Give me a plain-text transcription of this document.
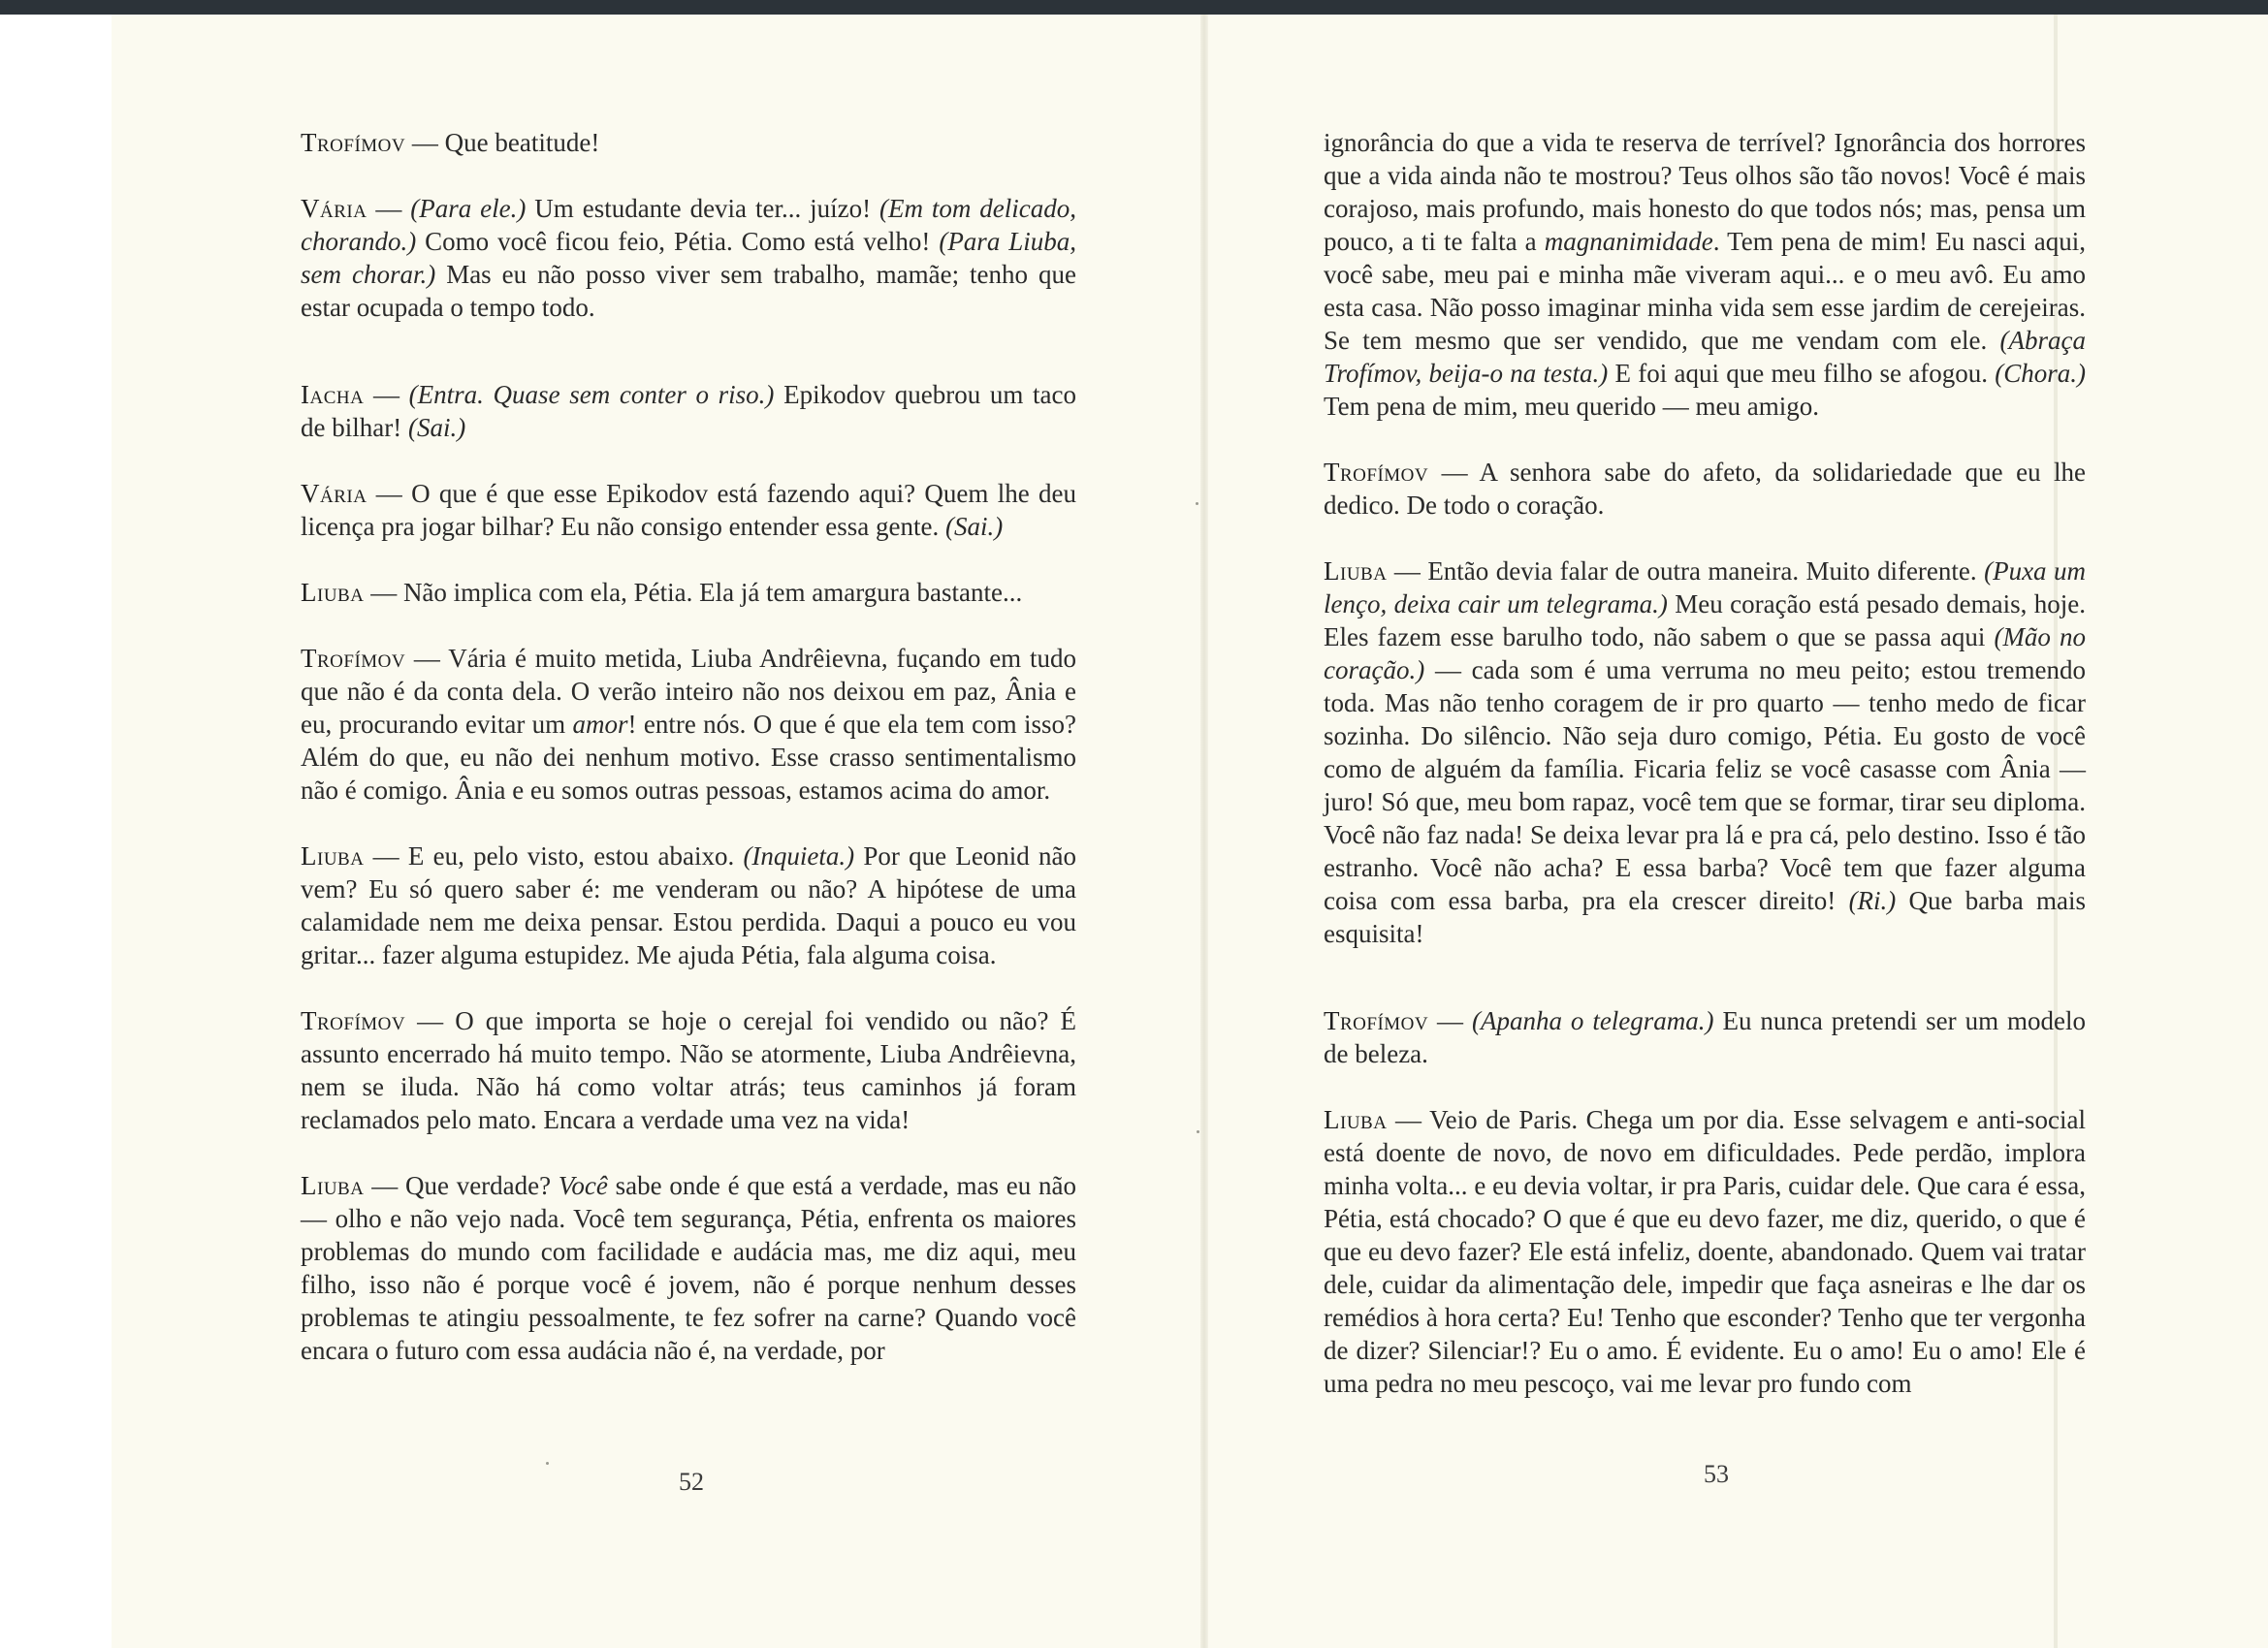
Trofímov — Que beatitude!

Vária — (Para ele.) Um estudante devia ter... juízo! (Em tom delicado, chorando.) Como você ficou feio, Pétia. Como está velho! (Para Liuba, sem chorar.) Mas eu não posso viver sem trabalho, mamãe; tenho que estar ocupada o tempo todo.

Iacha — (Entra. Quase sem conter o riso.) Epikodov quebrou um taco de bilhar! (Sai.)

Vária — O que é que esse Epikodov está fazendo aqui? Quem lhe deu licença pra jogar bilhar? Eu não consigo entender essa gente. (Sai.)

Liuba — Não implica com ela, Pétia. Ela já tem amargura bastante...

Trofímov — Vária é muito metida, Liuba Andrêievna, fuçando em tudo que não é da conta dela. O verão inteiro não nos deixou em paz, Ânia e eu, procurando evitar um amor! entre nós. O que é que ela tem com isso? Além do que, eu não dei nenhum motivo. Esse crasso sentimentalismo não é comigo. Ânia e eu somos outras pessoas, estamos acima do amor.

Liuba — E eu, pelo visto, estou abaixo. (Inquieta.) Por que Leonid não vem? Eu só quero saber é: me venderam ou não? A hipótese de uma calamidade nem me deixa pensar. Estou perdida. Daqui a pouco eu vou gritar... fazer alguma estupidez. Me ajuda Pétia, fala alguma coisa.

Trofímov — O que importa se hoje o cerejal foi vendido ou não? É assunto encerrado há muito tempo. Não se atormente, Liuba Andrêievna, nem se iluda. Não há como voltar atrás; teus caminhos já foram reclamados pelo mato. Encara a verdade uma vez na vida!

Liuba — Que verdade? Você sabe onde é que está a verdade, mas eu não — olho e não vejo nada. Você tem segurança, Pétia, enfrenta os maiores problemas do mundo com facilidade e audácia mas, me diz aqui, meu filho, isso não é porque você é jovem, não é porque nenhum desses problemas te atingiu pessoalmente, te fez sofrer na carne? Quando você encara o futuro com essa audácia não é, na verdade, por

ignorância do que a vida te reserva de terrível? Ignorância dos horrores que a vida ainda não te mostrou? Teus olhos são tão novos! Você é mais corajoso, mais profundo, mais honesto do que todos nós; mas, pensa um pouco, a ti te falta a magnanimidade. Tem pena de mim! Eu nasci aqui, você sabe, meu pai e minha mãe viveram aqui... e o meu avô. Eu amo esta casa. Não posso imaginar minha vida sem esse jardim de cerejeiras. Se tem mesmo que ser vendido, que me vendam com ele. (Abraça Trofímov, beija-o na testa.) E foi aqui que meu filho se afogou. (Chora.) Tem pena de mim, meu querido — meu amigo.

Trofímov — A senhora sabe do afeto, da solidariedade que eu lhe dedico. De todo o coração.

Liuba — Então devia falar de outra maneira. Muito diferente. (Puxa um lenço, deixa cair um telegrama.) Meu coração está pesado demais, hoje. Eles fazem esse barulho todo, não sabem o que se passa aqui (Mão no coração.) — cada som é uma verruma no meu peito; estou tremendo toda. Mas não tenho coragem de ir pro quarto — tenho medo de ficar sozinha. Do silêncio. Não seja duro comigo, Pétia. Eu gosto de você como de alguém da família. Ficaria feliz se você casasse com Ânia — juro! Só que, meu bom rapaz, você tem que se formar, tirar seu diploma. Você não faz nada! Se deixa levar pra lá e pra cá, pelo destino. Isso é tão estranho. Você não acha? E essa barba? Você tem que fazer alguma coisa com essa barba, pra ela crescer direito! (Ri.) Que barba mais esquisita!

Trofímov — (Apanha o telegrama.) Eu nunca pretendi ser um modelo de beleza.

Liuba — Veio de Paris. Chega um por dia. Esse selvagem e anti-social está doente de novo, de novo em dificuldades. Pede perdão, implora minha volta... e eu devia voltar, ir pra Paris, cuidar dele. Que cara é essa, Pétia, está chocado? O que é que eu devo fazer, me diz, querido, o que é que eu devo fazer? Ele está infeliz, doente, abandonado. Quem vai tratar dele, cuidar da alimentação dele, impedir que faça asneiras e lhe dar os remédios à hora certa? Eu! Tenho que esconder? Tenho que ter vergonha de dizer? Silenciar!? Eu o amo. É evidente. Eu o amo! Eu o amo! Ele é uma pedra no meu pescoço, vai me levar pro fundo com

52	53
